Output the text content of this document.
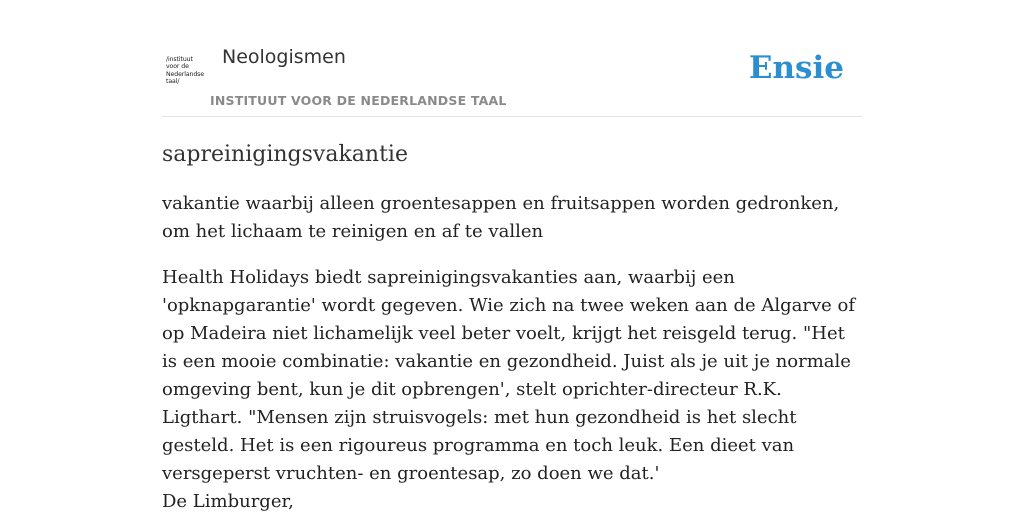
/instituut
voor de
Nederlandse
taal/
Neologismen
INSTITUUT VOOR DE NEDERLANDSE TAAL
Ensie
sapreinigingsvakantie

vakantie waarbij alleen groentesappen en fruitsappen worden gedronken, om het lichaam te reinigen en af te vallen

Health Holidays biedt sapreinigingsvakanties aan, waarbij een 'opknapgarantie' wordt gegeven. Wie zich na twee weken aan de Algarve of op Madeira niet lichamelijk veel beter voelt, krijgt het reisgeld terug. "Het is een mooie combinatie: vakantie en gezondheid. Juist als je uit je normale omgeving bent, kun je dit opbrengen', stelt oprichter-directeur R.K. Ligthart. "Mensen zijn struisvogels: met hun gezondheid is het slecht gesteld. Het is een rigoureus programma en toch leuk. Een dieet van versgeperst vruchten- en groentesap, zo doen we dat.'
De Limburger,
